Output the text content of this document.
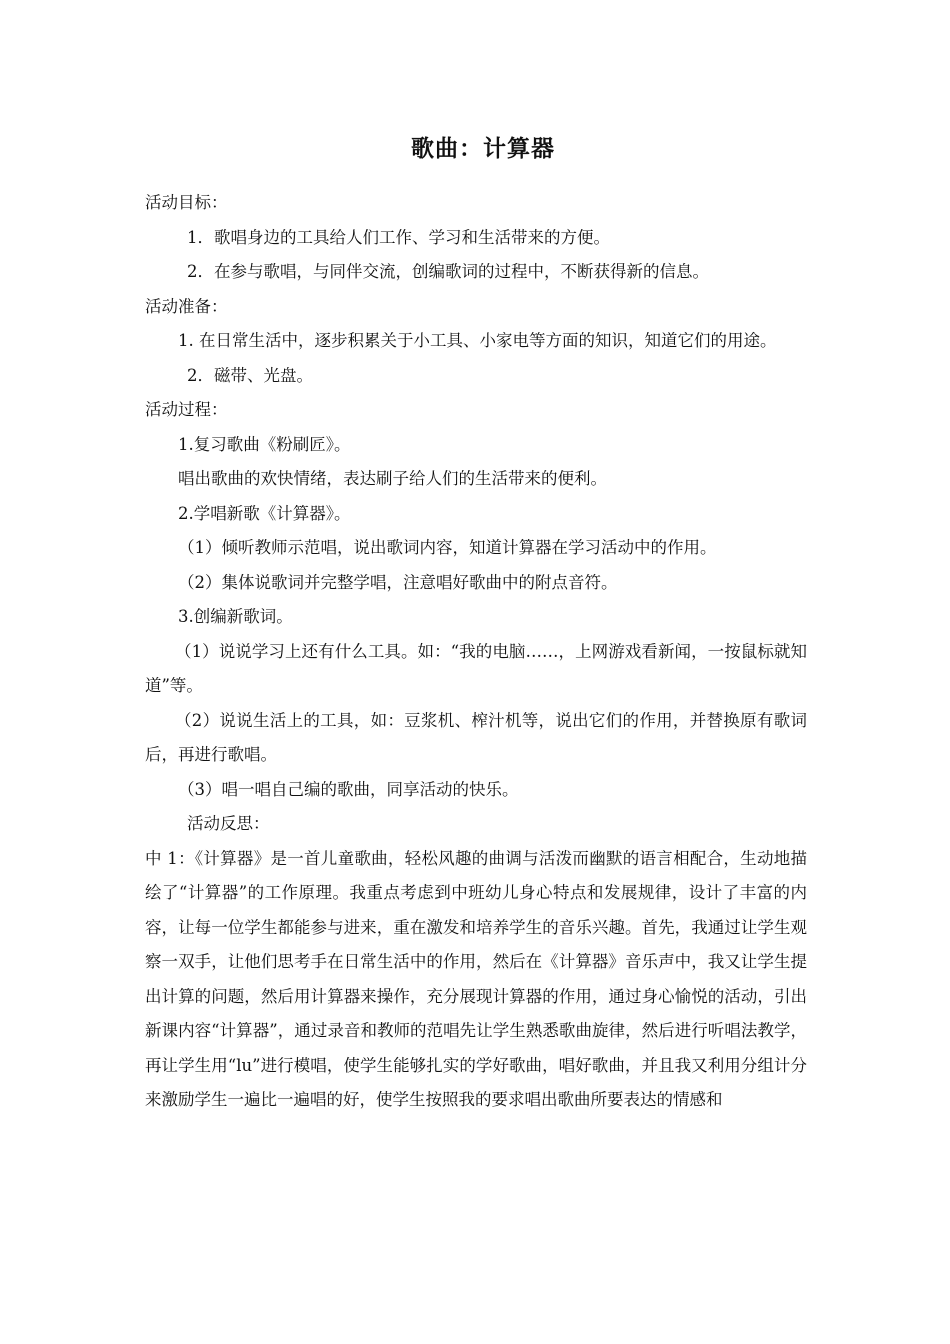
歌曲：计算器

活动目标：

1．歌唱身边的工具给人们工作、学习和生活带来的方便。

2．在参与歌唱，与同伴交流，创编歌词的过程中，不断获得新的信息。

活动准备：

1. 在日常生活中，逐步积累关于小工具、小家电等方面的知识，知道它们的用途。

2．磁带、光盘。

活动过程：

1.复习歌曲《粉刷匠》。

唱出歌曲的欢快情绪，表达刷子给人们的生活带来的便利。

2.学唱新歌《计算器》。

（1）倾听教师示范唱，说出歌词内容，知道计算器在学习活动中的作用。

（2）集体说歌词并完整学唱，注意唱好歌曲中的附点音符。

3.创编新歌词。

（1）说说学习上还有什么工具。如：“我的电脑……，上网游戏看新闻，一按鼠标就知道”等。

（2）说说生活上的工具，如：豆浆机、榨汁机等，说出它们的作用，并替换原有歌词后，再进行歌唱。

（3）唱一唱自己编的歌曲，同享活动的快乐。

活动反思：

中 1：《计算器》是一首儿童歌曲，轻松风趣的曲调与活泼而幽默的语言相配合，生动地描绘了“计算器”的工作原理。我重点考虑到中班幼儿身心特点和发展规律，设计了丰富的内容，让每一位学生都能参与进来，重在激发和培养学生的音乐兴趣。首先，我通过让学生观察一双手，让他们思考手在日常生活中的作用，然后在《计算器》音乐声中，我又让学生提出计算的问题，然后用计算器来操作，充分展现计算器的作用，通过身心愉悦的活动，引出新课内容“计算器”，通过录音和教师的范唱先让学生熟悉歌曲旋律，然后进行听唱法教学，再让学生用“lu”进行模唱，使学生能够扎实的学好歌曲，唱好歌曲，并且我又利用分组计分来激励学生一遍比一遍唱的好，使学生按照我的要求唱出歌曲所要表达的情感和
